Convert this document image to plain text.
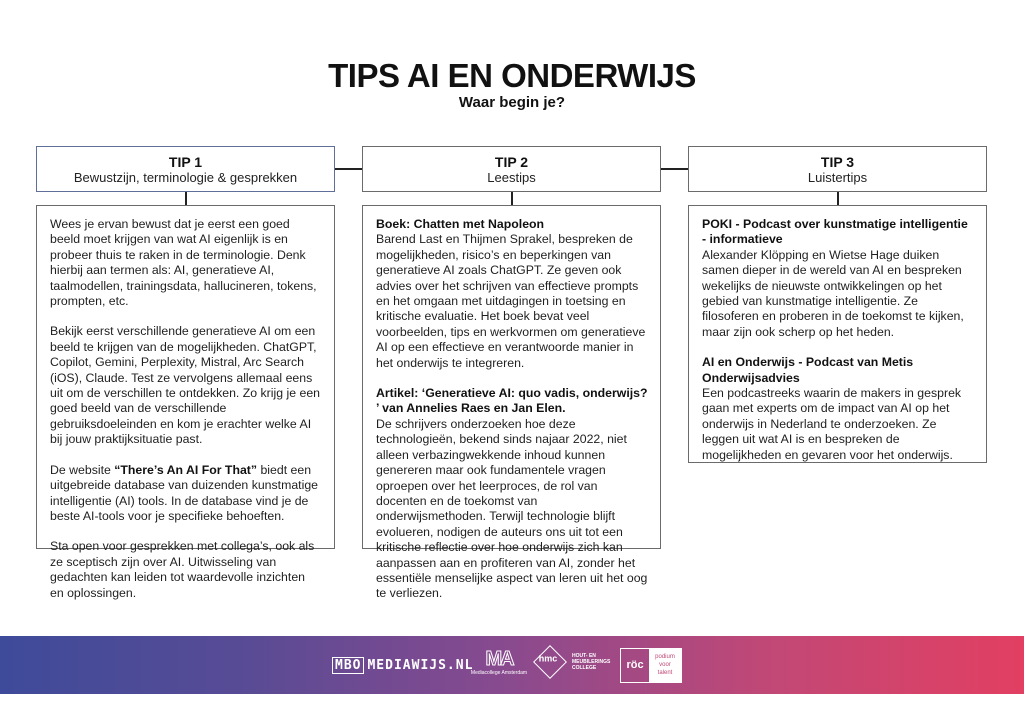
TIPS AI EN ONDERWIJS
Waar begin je?
TIP 1
Bewustzijn, terminologie & gesprekken
TIP 2
Leestips
TIP 3
Luistertips

Wees je ervan bewust dat je eerst een goed beeld moet krijgen van wat AI eigenlijk is en probeer thuis te raken in de terminologie. Denk hierbij aan termen als: AI, generatieve AI, taalmodellen, trainingsdata, hallucineren, tokens, prompten, etc.

Bekijk eerst verschillende generatieve AI om een beeld te krijgen van de mogelijkheden. ChatGPT, Copilot, Gemini, Perplexity, Mistral, Arc Search (iOS), Claude. Test ze vervolgens allemaal eens uit om de verschillen te ontdekken. Zo krijg je een goed beeld van de verschillende gebruiksdoeleinden en kom je erachter welke AI bij jouw praktijksituatie past.

De website “There’s An AI For That” biedt een uitgebreide database van duizenden kunstmatige intelligentie (AI) tools. In de database vind je de beste AI-tools voor je specifieke behoeften.

Sta open voor gesprekken met collega’s, ook als ze sceptisch zijn over AI. Uitwisseling van gedachten kan leiden tot waardevolle inzichten en oplossingen.

Boek: Chatten met Napoleon
Barend Last en Thijmen Sprakel, bespreken de mogelijkheden, risico’s en beperkingen van generatieve AI zoals ChatGPT. Ze geven ook advies over het schrijven van effectieve prompts en het omgaan met uitdagingen in toetsing en kritische evaluatie. Het boek bevat veel voorbeelden, tips en werkvormen om generatieve AI op een effectieve en verantwoorde manier in het onderwijs te integreren.

Artikel: ‘Generatieve AI: quo vadis, onderwijs? ’ van Annelies Raes en Jan Elen.
De schrijvers onderzoeken hoe deze technologieën, bekend sinds najaar 2022, niet alleen verbazingwekkende inhoud kunnen genereren maar ook fundamentele vragen oproepen over het leerproces, de rol van docenten en de toekomst van onderwijsmethoden. Terwijl technologie blijft evolueren, nodigen de auteurs ons uit tot een kritische reflectie over hoe onderwijs zich kan aanpassen aan en profiteren van AI, zonder het essentiële menselijke aspect van leren uit het oog te verliezen.

POKI - Podcast over kunstmatige intelligentie - informatieve
Alexander Klöpping en Wietse Hage duiken samen dieper in de wereld van AI en bespreken wekelijks de nieuwste ontwikkelingen op het gebied van kunstmatige intelligentie. Ze filosoferen en proberen in de toekomst te kijken, maar zijn ook scherp op het heden.

AI en Onderwijs - Podcast van Metis Onderwijsadvies
Een podcastreeks waarin de makers in gesprek gaan met experts om de impact van AI op het onderwijs in Nederland te onderzoeken. Ze leggen uit wat AI is en bespreken de mogelijkheden en gevaren voor het onderwijs.

MBO MEDIAWIJS.NL MA
Mediacollege Amsterdam
hmc	HOUT- EN
MEUBILERINGS
COLLEGE	röc
podium
voor
talent
